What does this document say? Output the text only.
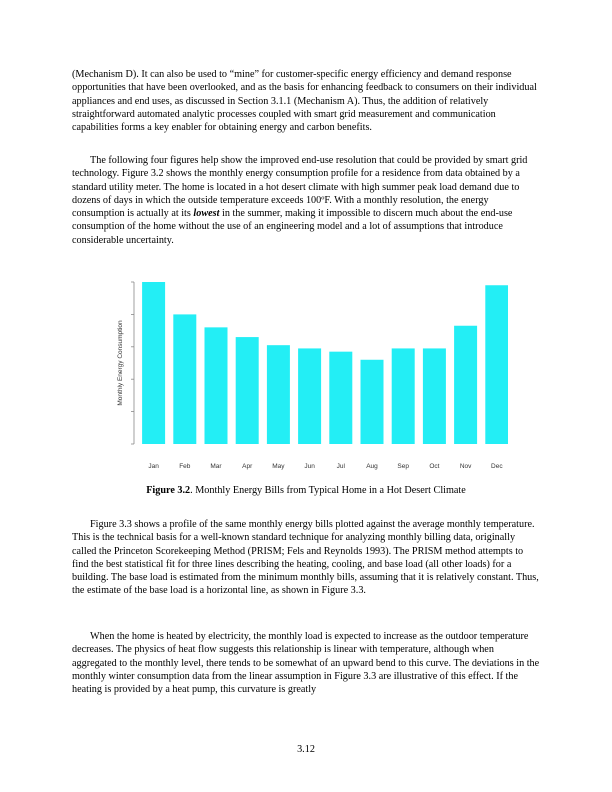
(Mechanism D). It can also be used to “mine” for customer-specific energy efficiency and demand response opportunities that have been overlooked, and as the basis for enhancing feedback to consumers on their individual appliances and end uses, as discussed in Section 3.1.1 (Mechanism A). Thus, the addition of relatively straightforward automated analytic processes coupled with smart grid measurement and communication capabilities forms a key enabler for obtaining energy and carbon benefits.

The following four figures help show the improved end-use resolution that could be provided by smart grid technology. Figure 3.2 shows the monthly energy consumption profile for a residence from data obtained by a standard utility meter. The home is located in a hot desert climate with high summer peak load demand due to dozens of days in which the outside temperature exceeds 100ºF. With a monthly resolution, the energy consumption is actually at its lowest in the summer, making it impossible to discern much about the end-use consumption of the home without the use of an engineering model and a lot of assumptions that introduce considerable uncertainty.

Monthly Energy Consumption
Jan	Feb	Mar	Apr	May	Jun	Jul	Aug	Sep	Oct	Nov	Dec
Figure 3.2. Monthly Energy Bills from Typical Home in a Hot Desert Climate

Figure 3.3 shows a profile of the same monthly energy bills plotted against the average monthly temperature. This is the technical basis for a well-known standard technique for analyzing monthly billing data, originally called the Princeton Scorekeeping Method (PRISM; Fels and Reynolds 1993). The PRISM method attempts to find the best statistical fit for three lines describing the heating, cooling, and base load (all other loads) for a building. The base load is estimated from the minimum monthly bills, assuming that it is relatively constant. Thus, the estimate of the base load is a horizontal line, as shown in Figure 3.3.

When the home is heated by electricity, the monthly load is expected to increase as the outdoor temperature decreases. The physics of heat flow suggests this relationship is linear with temperature, although when aggregated to the monthly level, there tends to be somewhat of an upward bend to this curve. The deviations in the monthly winter consumption data from the linear assumption in Figure 3.3 are illustrative of this effect. If the heating is provided by a heat pump, this curvature is greatly

3.12
